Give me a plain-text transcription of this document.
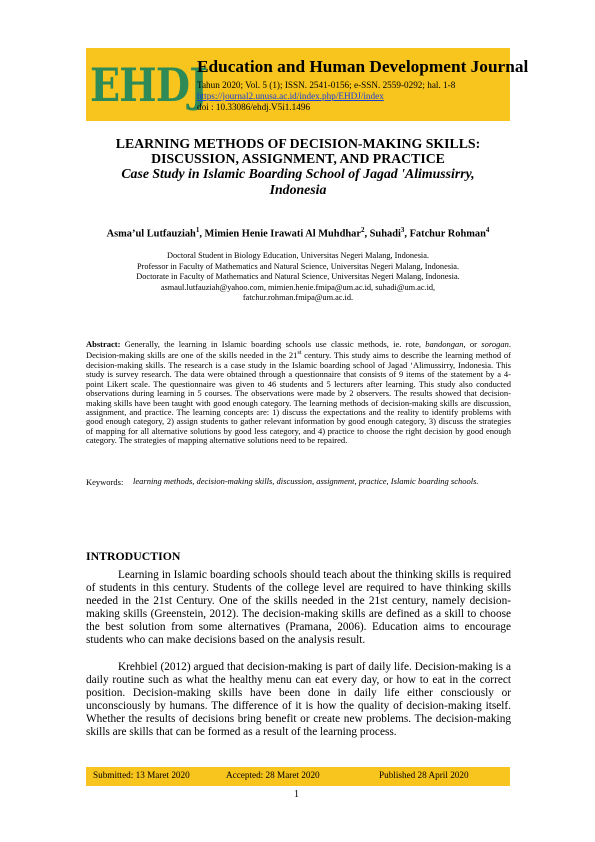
EHDJ
Education and Human Development Journal
Tahun 2020; Vol. 5 (1); ISSN. 2541-0156; e-SSN. 2559-0292; hal. 1-8
https://journal2.unusa.ac.id/index.php/EHDJ/index
doi : 10.33086/ehdj.V5i1.1496
LEARNING METHODS OF DECISION-MAKING SKILLS:
DISCUSSION, ASSIGNMENT, AND PRACTICE
Case Study in Islamic Boarding School of Jagad 'Alimussirry,
Indonesia
Asma’ul Lutfauziah$^1$, Mimien Henie Irawati Al Muhdhar$^2$, Suhadi$^3$, Fatchur Rohman$^4$
Doctoral Student in Biology Education, Universitas Negeri Malang, Indonesia.
Professor in Faculty of Mathematics and Natural Science, Universitas Negeri Malang, Indonesia.
Doctorate in Faculty of Mathematics and Natural Science, Universitas Negeri Malang, Indonesia.
asmaul.lutfauziah@yahoo.com, mimien.henie.fmipa@um.ac.id, suhadi@um.ac.id,
fatchur.rohman.fmipa@um.ac.id.
Abstract: Generally, the learning in Islamic boarding schools use classic methods, ie. rote, bandongan, or sorogan. Decision-making skills are one of the skills needed in the 21st century. This study aims to describe the learning method of decision-making skills. The research is a case study in the Islamic boarding school of Jagad ‘Alimussirry, Indonesia. This study is survey research. The data were obtained through a questionnaire that consists of 9 items of the statement by a 4-point Likert scale. The questionnaire was given to 46 students and 5 lecturers after learning. This study also conducted observations during learning in 5 courses. The observations were made by 2 observers. The results showed that decision-making skills have been taught with good enough category. The learning methods of decision-making skills are discussion, assignment, and practice. The learning concepts are: 1) discuss the expectations and the reality to identify problems with good enough category, 2) assign students to gather relevant information by good enough category, 3) discuss the strategies of mapping for all alternative solutions by good less category, and 4) practice to choose the right decision by good enough category. The strategies of mapping alternative solutions need to be repaired.
Keywords: learning methods, decision-making skills, discussion, assignment, practice, Islamic boarding schools.
INTRODUCTION
Learning in Islamic boarding schools should teach about the thinking skills is required of students in this century. Students of the college level are required to have thinking skills needed in the 21st Century. One of the skills needed in the 21st century, namely decision-making skills (Greenstein, 2012). The decision-making skills are defined as a skill to choose the best solution from some alternatives (Pramana, 2006). Education aims to encourage students who can make decisions based on the analysis result.
Krehbiel (2012) argued that decision-making is part of daily life. Decision-making is a daily routine such as what the healthy menu can eat every day, or how to eat in the correct position. Decision-making skills have been done in daily life either consciously or unconsciously by humans. The difference of it is how the quality of decision-making itself. Whether the results of decisions bring benefit or create new problems. The decision-making skills are skills that can be formed as a result of the learning process.
Submitted: 13 Maret 2020	Accepted: 28 Maret 2020	Published 28 April 2020
1
